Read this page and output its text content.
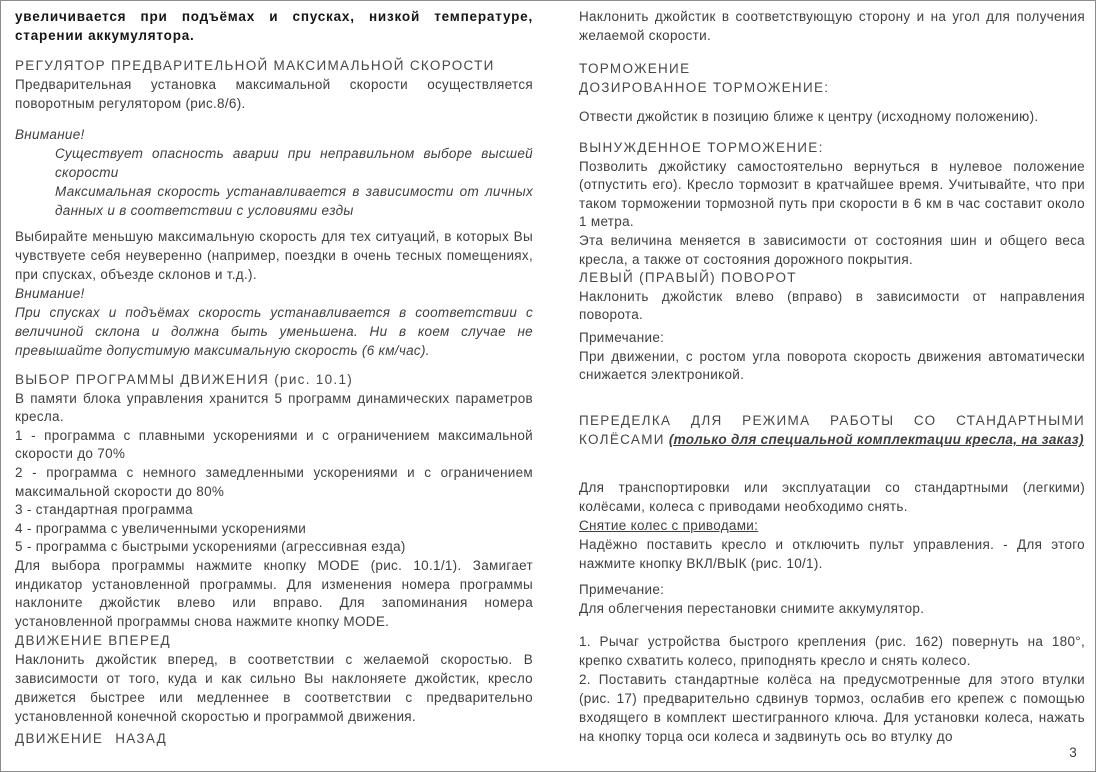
увеличивается при подъёмах и спусках, низкой температуре, старении аккумулятора.

РЕГУЛЯТОР ПРЕДВАРИТЕЛЬНОЙ МАКСИМАЛЬНОЙ СКОРОСТИ

Предварительная установка максимальной скорости осуществляется поворотным регулятором (рис.8/6).

Внимание!

Существует опасность аварии при неправильном выборе высшей скорости

Максимальная скорость устанавливается в зависимости от личных данных и в соответствии с условиями езды

Выбирайте меньшую максимальную скорость для тех ситуаций, в которых Вы чувствуете себя неуверенно (например, поездки в очень тесных помещениях, при спусках, объезде склонов и т.д.).

Внимание!

При спусках и подъёмах скорость устанавливается в соответствии с величиной склона и должна быть уменьшена. Ни в коем случае не превышайте допустимую максимальную скорость (6 км/час).

ВЫБОР ПРОГРАММЫ ДВИЖЕНИЯ (рис. 10.1)

В памяти блока управления хранится 5 программ динамических параметров кресла.

1 - программа с плавными ускорениями и с ограничением максимальной скорости до 70%

2 - программа с немного замедленными ускорениями и с ограничением максимальной скорости до 80%

3 - стандартная программа

4 - программа с увеличенными ускорениями

5 - программа с быстрыми ускорениями (агрессивная езда)

Для выбора программы нажмите кнопку MODE (рис. 10.1/1). Замигает индикатор установленной программы. Для изменения номера программы наклоните джойстик влево или вправо. Для запоминания номера установленной программы снова нажмите кнопку MODE.

ДВИЖЕНИЕ ВПЕРЕД

Наклонить джойстик вперед, в соответствии с желаемой скоростью. В зависимости от того, куда и как сильно Вы наклоняете джойстик, кресло движется быстрее или медленнее в соответствии с предварительно установленной конечной скоростью и программой движения.

ДВИЖЕНИЕ НАЗАД

Наклонить джойстик в соответствующую сторону и на угол для получения желаемой скорости.

ТОРМОЖЕНИЕ

ДОЗИРОВАННОЕ ТОРМОЖЕНИЕ:

Отвести джойстик в позицию ближе к центру (исходному положению).

ВЫНУЖДЕННОЕ ТОРМОЖЕНИЕ:

Позволить джойстику самостоятельно вернуться в нулевое положение (отпустить его). Кресло тормозит в кратчайшее время. Учитывайте, что при таком торможении тормозной путь при скорости в 6 км в час составит около 1 метра.

Эта величина меняется в зависимости от состояния шин и общего веса кресла, а также от состояния дорожного покрытия.

ЛЕВЫЙ (ПРАВЫЙ) ПОВОРОТ

Наклонить джойстик влево (вправо) в зависимости от направления поворота.

Примечание:

При движении, с ростом угла поворота скорость движения автоматически снижается электроникой.

ПЕРЕДЕЛКА ДЛЯ РЕЖИМА РАБОТЫ СО СТАНДАРТНЫМИ КОЛЁСАМИ (только для специальной комплектации кресла, на заказ)

Для транспортировки или эксплуатации со стандартными (легкими) колёсами, колеса с приводами необходимо снять.

Снятие колес с приводами:

Надёжно поставить кресло и отключить пульт управления. - Для этого нажмите кнопку ВКЛ/ВЫК (рис. 10/1).

Примечание:

Для облегчения перестановки снимите аккумулятор.

1. Рычаг устройства быстрого крепления (рис. 162) повернуть на 180°, крепко схватить колесо, приподнять кресло и снять колесо.

2. Поставить стандартные колёса на предусмотренные для этого втулки (рис. 17) предварительно сдвинув тормоз, ослабив его крепеж с помощью входящего в комплект шестигранного ключа. Для установки колеса, нажать на кнопку торца оси колеса и задвинуть ось во втулку до

3
